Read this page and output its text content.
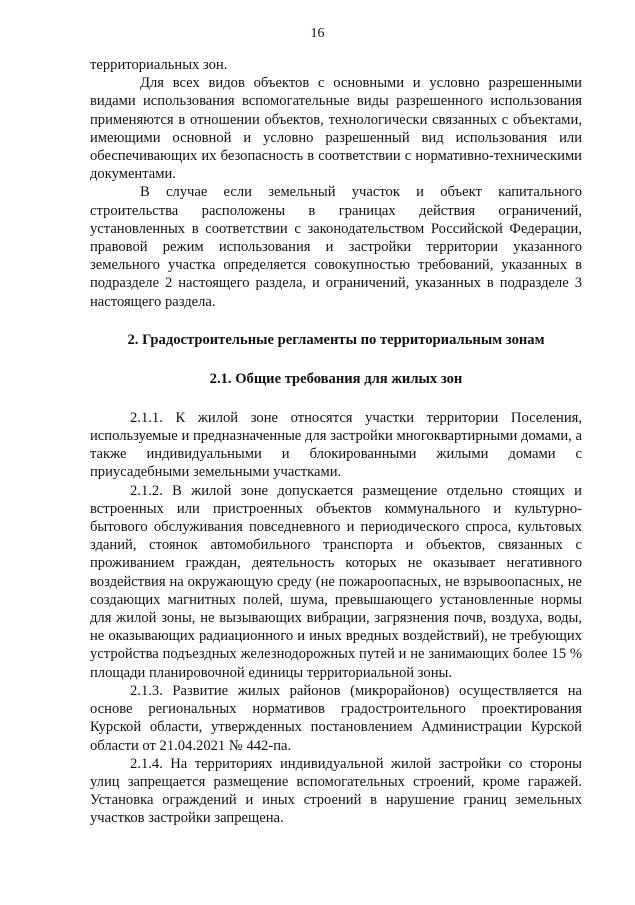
16

территориальных зон.

Для всех видов объектов с основными и условно разрешенными видами использования вспомогательные виды разрешенного использования применяются в отношении объектов, технологически связанных с объектами, имеющими основной и условно разрешенный вид использования или обеспечивающих их безопасность в соответствии с нормативно-техническими документами.

В случае если земельный участок и объект капитального строительства расположены в границах действия ограничений, установленных в соответствии с законодательством Российской Федерации, правовой режим использования и застройки территории указанного земельного участка определяется совокупностью требований, указанных в подразделе 2 настоящего раздела, и ограничений, указанных в подразделе 3 настоящего раздела.

2. Градостроительные регламенты по территориальным зонам
2.1. Общие требования для жилых зон

2.1.1. К жилой зоне относятся участки территории Поселения, используемые и предназначенные для застройки многоквартирными домами, а также индивидуальными и блокированными жилыми домами с приусадебными земельными участками.

2.1.2. В жилой зоне допускается размещение отдельно стоящих и встроенных или пристроенных объектов коммунального и культурно-бытового обслуживания повседневного и периодического спроса, культовых зданий, стоянок автомобильного транспорта и объектов, связанных с проживанием граждан, деятельность которых не оказывает негативного воздействия на окружающую среду (не пожароопасных, не взрывоопасных, не создающих магнитных полей, шума, превышающего установленные нормы для жилой зоны, не вызывающих вибрации, загрязнения почв, воздуха, воды, не оказывающих радиационного и иных вредных воздействий), не требующих устройства подъездных железнодорожных путей и не занимающих более 15 % площади планировочной единицы территориальной зоны.

2.1.3. Развитие жилых районов (микрорайонов) осуществляется на основе региональных нормативов градостроительного проектирования Курской области, утвержденных постановлением Администрации Курской области от 21.04.2021 № 442-па.

2.1.4. На территориях индивидуальной жилой застройки со стороны улиц запрещается размещение вспомогательных строений, кроме гаражей. Установка ограждений и иных строений в нарушение границ земельных участков застройки запрещена.
